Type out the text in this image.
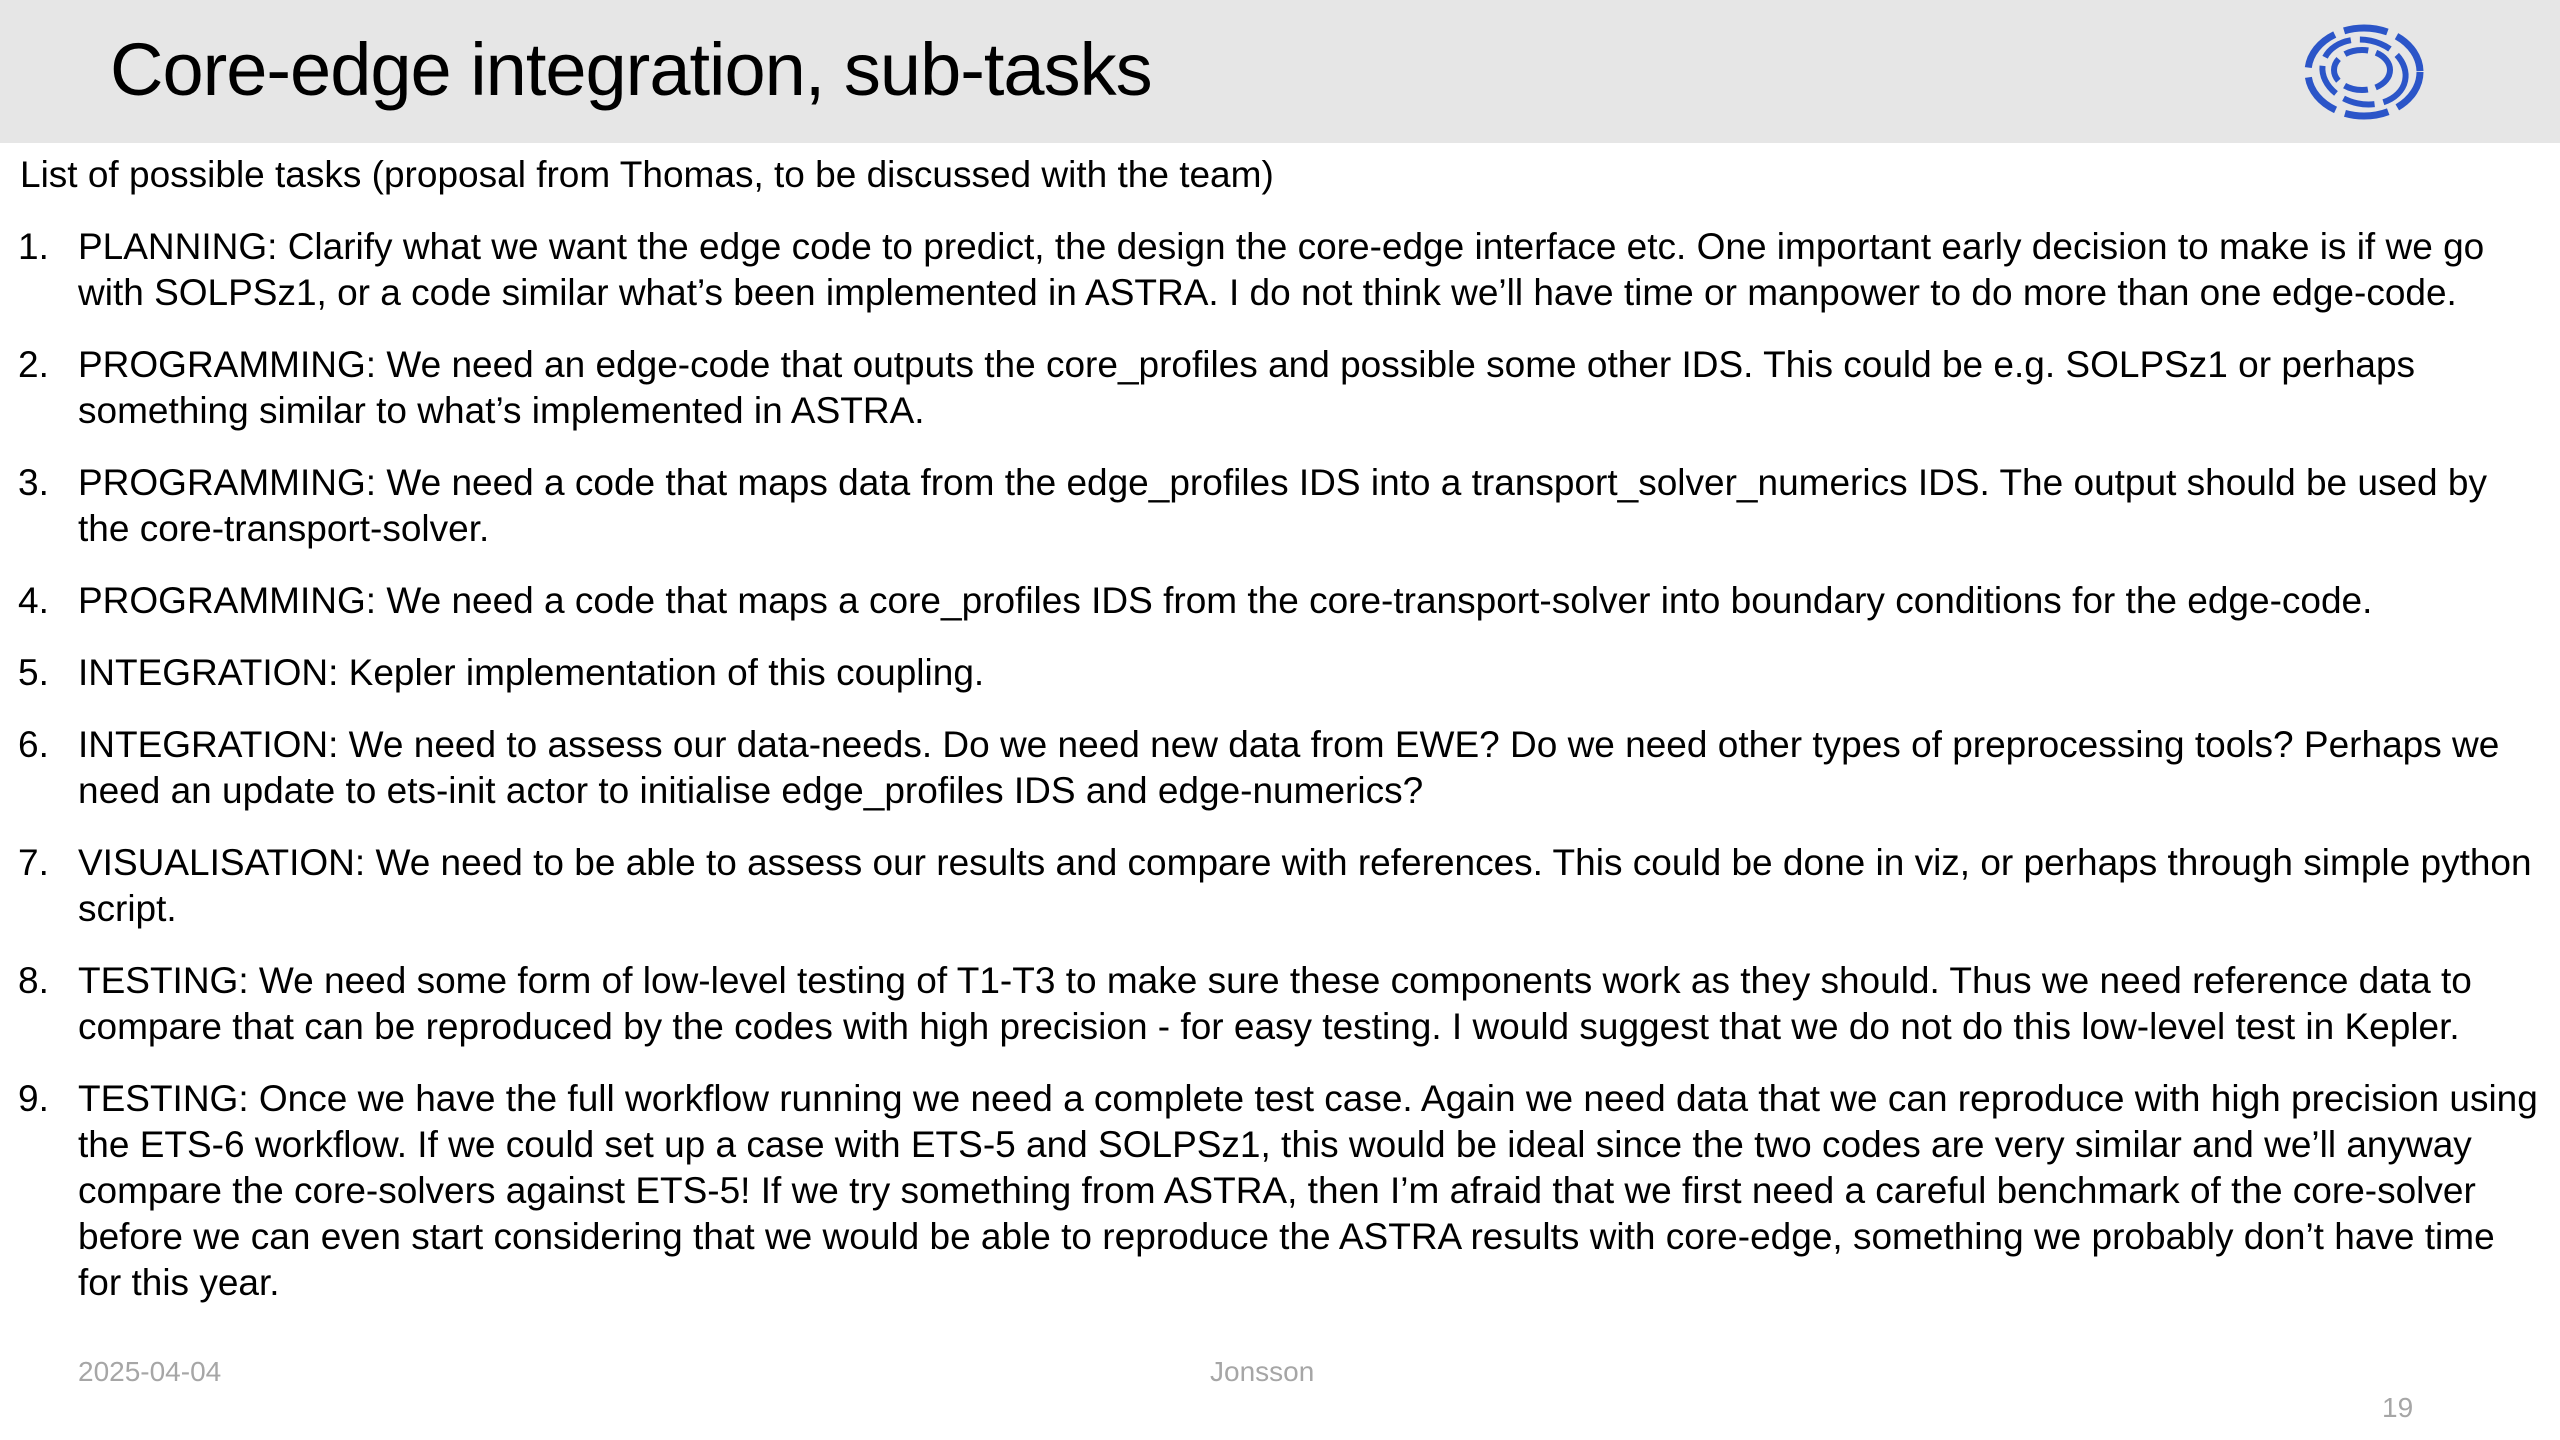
Core-edge integration, sub-tasks
List of possible tasks (proposal from Thomas, to be discussed with the team)
1. PLANNING: Clarify what we want the edge code to predict, the design the core-edge interface etc. One important early decision to make is if we go with SOLPSz1, or a code similar what’s been implemented in ASTRA. I do not think we’ll have time or manpower to do more than one edge-code.
2. PROGRAMMING: We need an edge-code that outputs the core_profiles and possible some other IDS. This could be e.g. SOLPSz1 or perhaps something similar to what’s implemented in ASTRA.
3. PROGRAMMING: We need a code that maps data from the edge_profiles IDS into a transport_solver_numerics IDS. The output should be used by the core-transport-solver.
4. PROGRAMMING: We need a code that maps a core_profiles IDS from the core-transport-solver into boundary conditions for the edge-code.
5. INTEGRATION: Kepler implementation of this coupling.
6. INTEGRATION: We need to assess our data-needs. Do we need new data from EWE? Do we need other types of preprocessing tools? Perhaps we need an update to ets-init actor to initialise edge_profiles IDS and edge-numerics?
7. VISUALISATION: We need to be able to assess our results and compare with references. This could be done in viz, or perhaps through simple python script.
8. TESTING: We need some form of low-level testing of T1-T3 to make sure these components work as they should. Thus we need reference data to compare that can be reproduced by the codes with high precision - for easy testing. I would suggest that we do not do this low-level test in Kepler.
9. TESTING: Once we have the full workflow running we need a complete test case. Again we need data that we can reproduce with high precision using the ETS-6 workflow. If we could set up a case with ETS-5 and SOLPSz1, this would be ideal since the two codes are very similar and we’ll anyway compare the core-solvers against ETS-5! If we try something from ASTRA, then I’m afraid that we first need a careful benchmark of the core-solver before we can even start considering that we would be able to reproduce the ASTRA results with core-edge, something we probably don’t have time for this year.
2025-04-04	Jonsson
19
